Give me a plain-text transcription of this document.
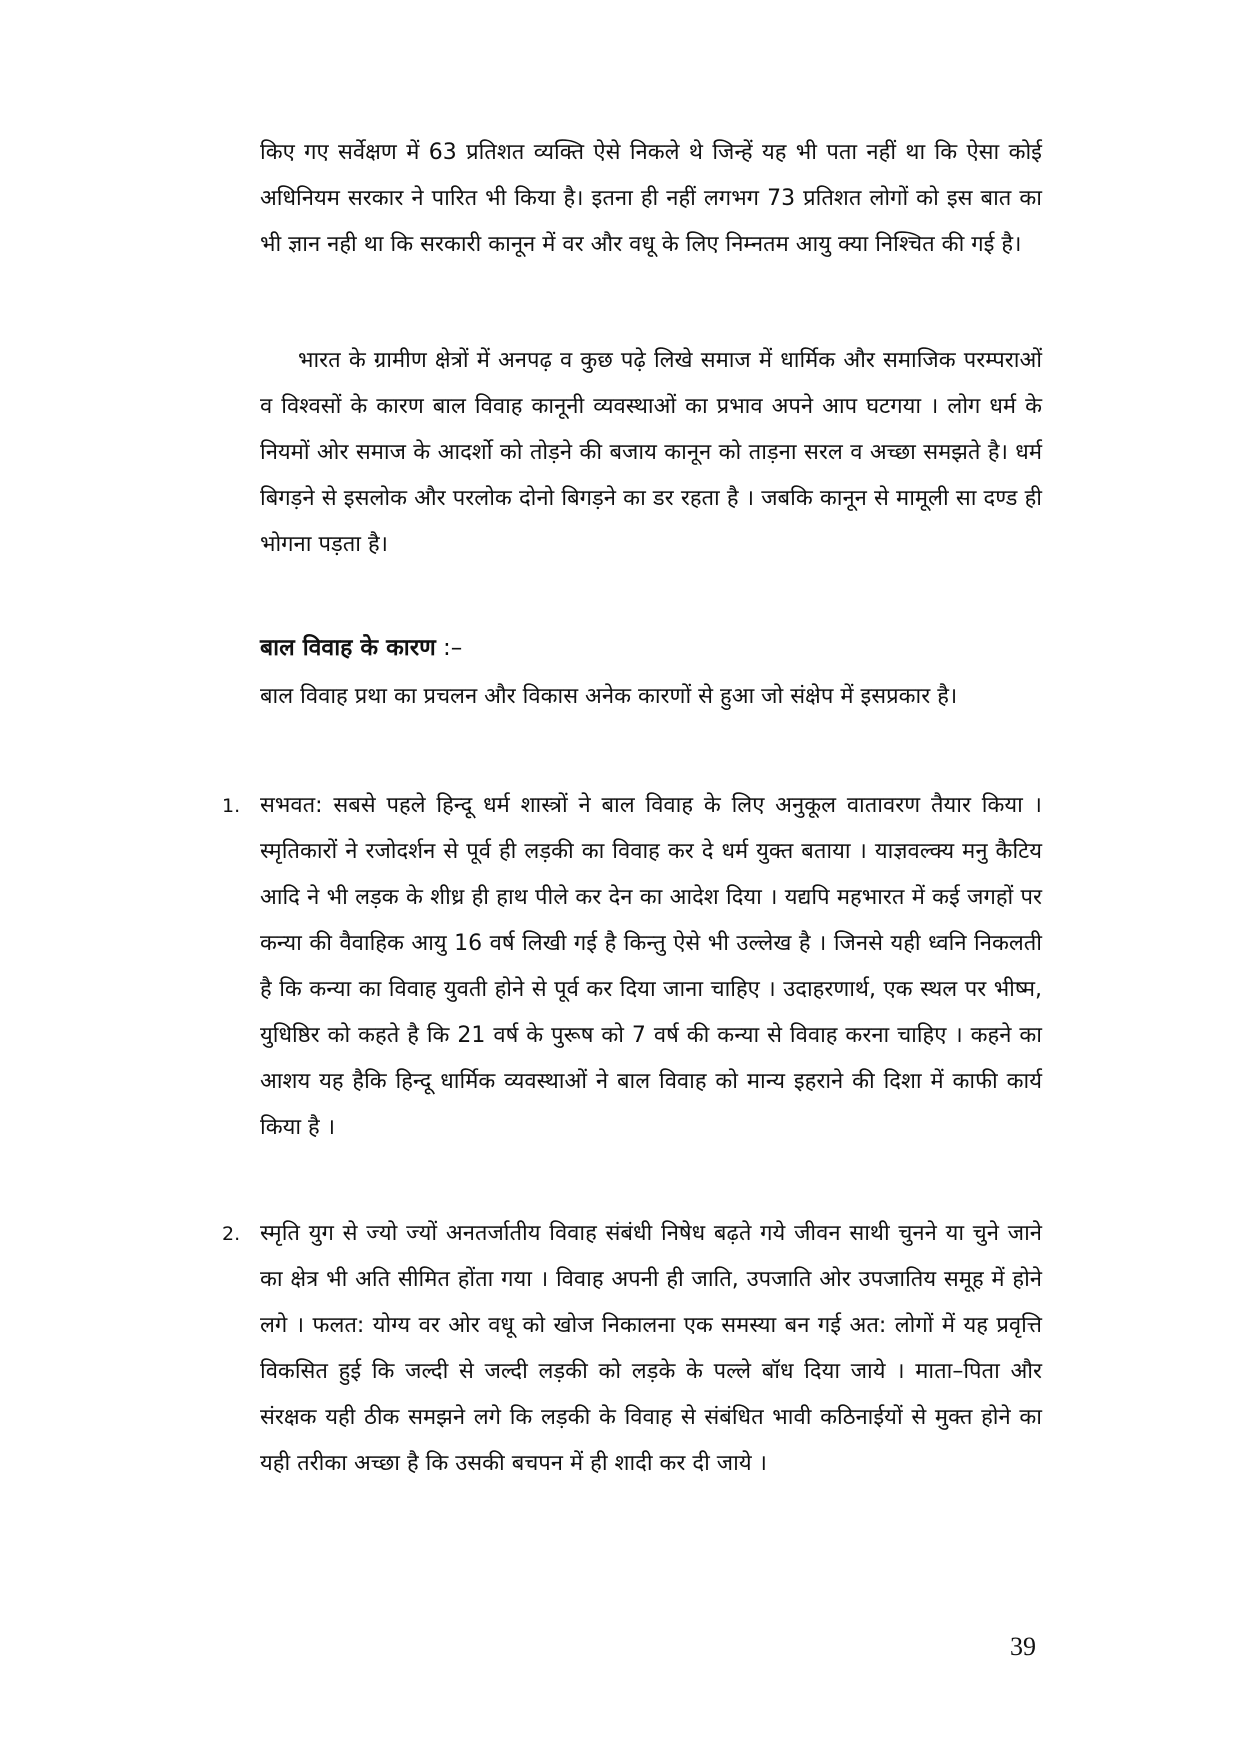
किए गए सर्वेक्षण में 63 प्रतिशत व्यक्ति ऐसे निकले थे जिन्हें यह भी पता नहीं था कि ऐसा कोई अधिनियम सरकार ने पारित भी किया है। इतना ही नहीं लगभग 73 प्रतिशत लोगों को इस बात का भी ज्ञान नही था कि सरकारी कानून में वर और वधू के लिए निम्नतम आयु क्या निश्चित की गई है।

भारत के ग्रामीण क्षेत्रों में अनपढ़ व कुछ पढ़े लिखे समाज में धार्मिक और समाजिक परम्पराओं व विश्वसों के कारण बाल विवाह कानूनी व्यवस्थाओं का प्रभाव अपने आप घटगया । लोग धर्म के नियमों ओर समाज के आदर्शो को तोड़ने की बजाय कानून को ताड़ना सरल व अच्छा समझते है। धर्म बिगड़ने से इसलोक और परलोक दोनो बिगड़ने का डर रहता है । जबकि कानून से मामूली सा दण्ड ही भोगना पड़ता है।

बाल विवाह के कारण :–

बाल विवाह प्रथा का प्रचलन और विकास अनेक कारणों से हुआ जो संक्षेप में इसप्रकार है।

1. सभवत: सबसे पहले हिन्दू धर्म शास्त्रों ने बाल विवाह के लिए अनुकूल वातावरण तैयार किया । स्मृतिकारों ने रजोदर्शन से पूर्व ही लड़की का विवाह कर दे धर्म युक्त बताया । याज्ञवल्क्य मनु कैटिय आदि ने भी लड़क के शीध्र ही हाथ पीले कर देन का आदेश दिया । यद्यपि महभारत में कई जगहों पर कन्या की वैवाहिक आयु 16 वर्ष लिखी गई है किन्तु ऐसे भी उल्लेख है । जिनसे यही ध्वनि निकलती है कि कन्या का विवाह युवती होने से पूर्व कर दिया जाना चाहिए । उदाहरणार्थ, एक स्थल पर भीष्म, युधिष्ठिर को कहते है कि 21 वर्ष के पुरूष को 7 वर्ष की कन्या से विवाह करना चाहिए । कहने का आशय यह हैकि हिन्दू धार्मिक व्यवस्थाओं ने बाल विवाह को मान्य इहराने की दिशा में काफी कार्य किया है ।

2. स्मृति युग से ज्यो ज्यों अनतर्जातीय विवाह संबंधी निषेध बढ़ते गये जीवन साथी चुनने या चुने जाने का क्षेत्र भी अति सीमित होंता गया । विवाह अपनी ही जाति, उपजाति ओर उपजातिय समूह में होने लगे । फलत: योग्य वर ओर वधू को खोज निकालना एक समस्या बन गई अत: लोगों में यह प्रवृत्ति विकसित हुई कि जल्दी से जल्दी लड़की को लड़के के पल्ले बॉध दिया जाये । माता–पिता और संरक्षक यही ठीक समझने लगे कि लड़की के विवाह से संबंधित भावी कठिनाईयों से मुक्त होने का यही तरीका अच्छा है कि उसकी बचपन में ही शादी कर दी जाये ।

39
